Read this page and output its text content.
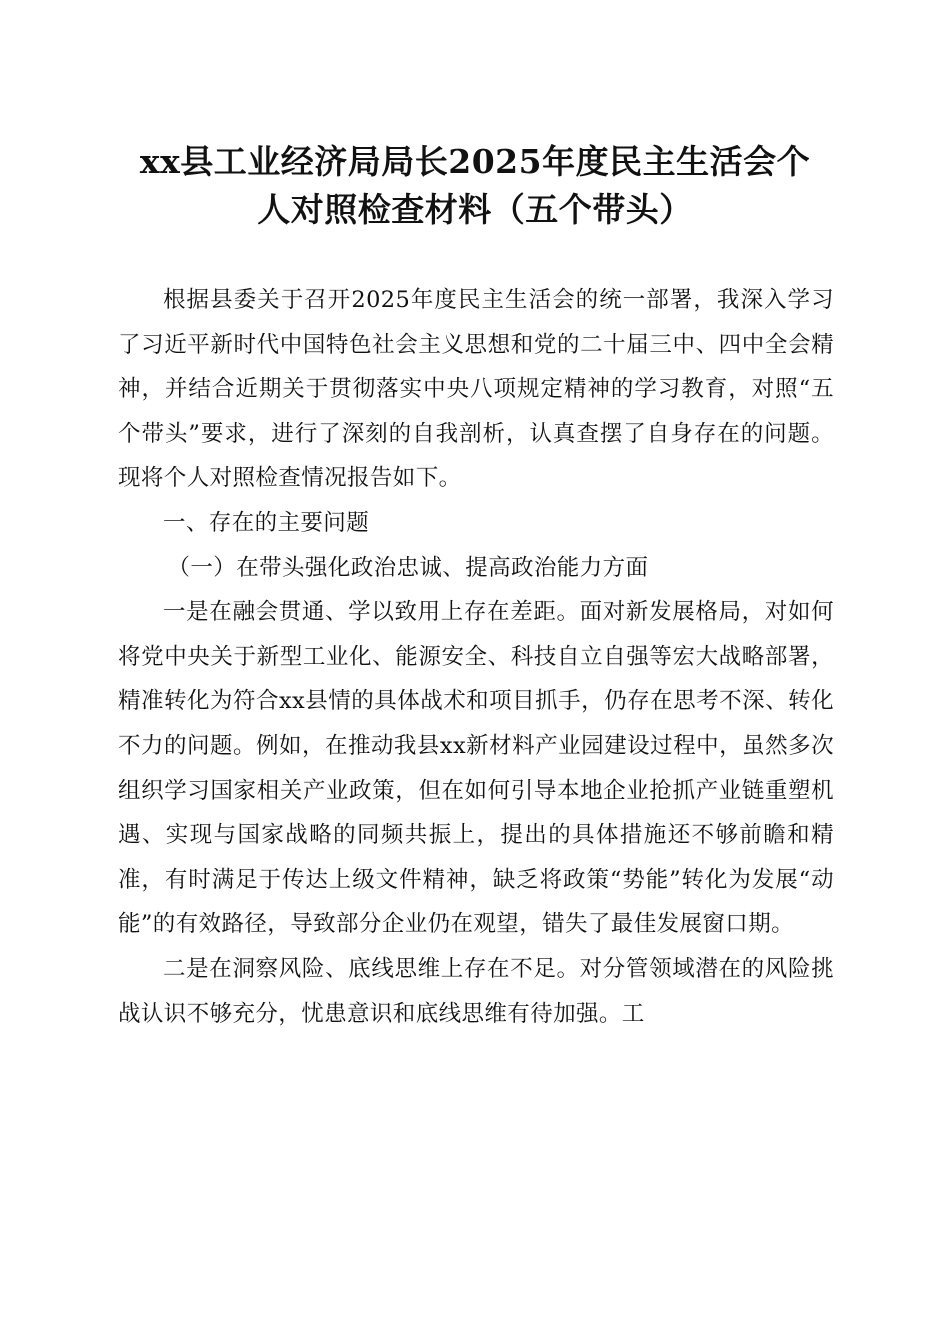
xx县工业经济局局长2025年度民主生活会个
人对照检查材料（五个带头）

根据县委关于召开2025年度民主生活会的统一部署，我深入学习了习近平新时代中国特色社会主义思想和党的二十届三中、四中全会精神，并结合近期关于贯彻落实中央八项规定精神的学习教育，对照“五个带头”要求，进行了深刻的自我剖析，认真查摆了自身存在的问题。现将个人对照检查情况报告如下。

一、存在的主要问题

（一）在带头强化政治忠诚、提高政治能力方面

一是在融会贯通、学以致用上存在差距。面对新发展格局，对如何将党中央关于新型工业化、能源安全、科技自立自强等宏大战略部署，精准转化为符合xx县情的具体战术和项目抓手，仍存在思考不深、转化不力的问题。例如，在推动我县xx新材料产业园建设过程中，虽然多次组织学习国家相关产业政策，但在如何引导本地企业抢抓产业链重塑机遇、实现与国家战略的同频共振上，提出的具体措施还不够前瞻和精准，有时满足于传达上级文件精神，缺乏将政策“势能”转化为发展“动能”的有效路径，导致部分企业仍在观望，错失了最佳发展窗口期。

二是在洞察风险、底线思维上存在不足。对分管领域潜在的风险挑战认识不够充分，忧患意识和底线思维有待加强。工
